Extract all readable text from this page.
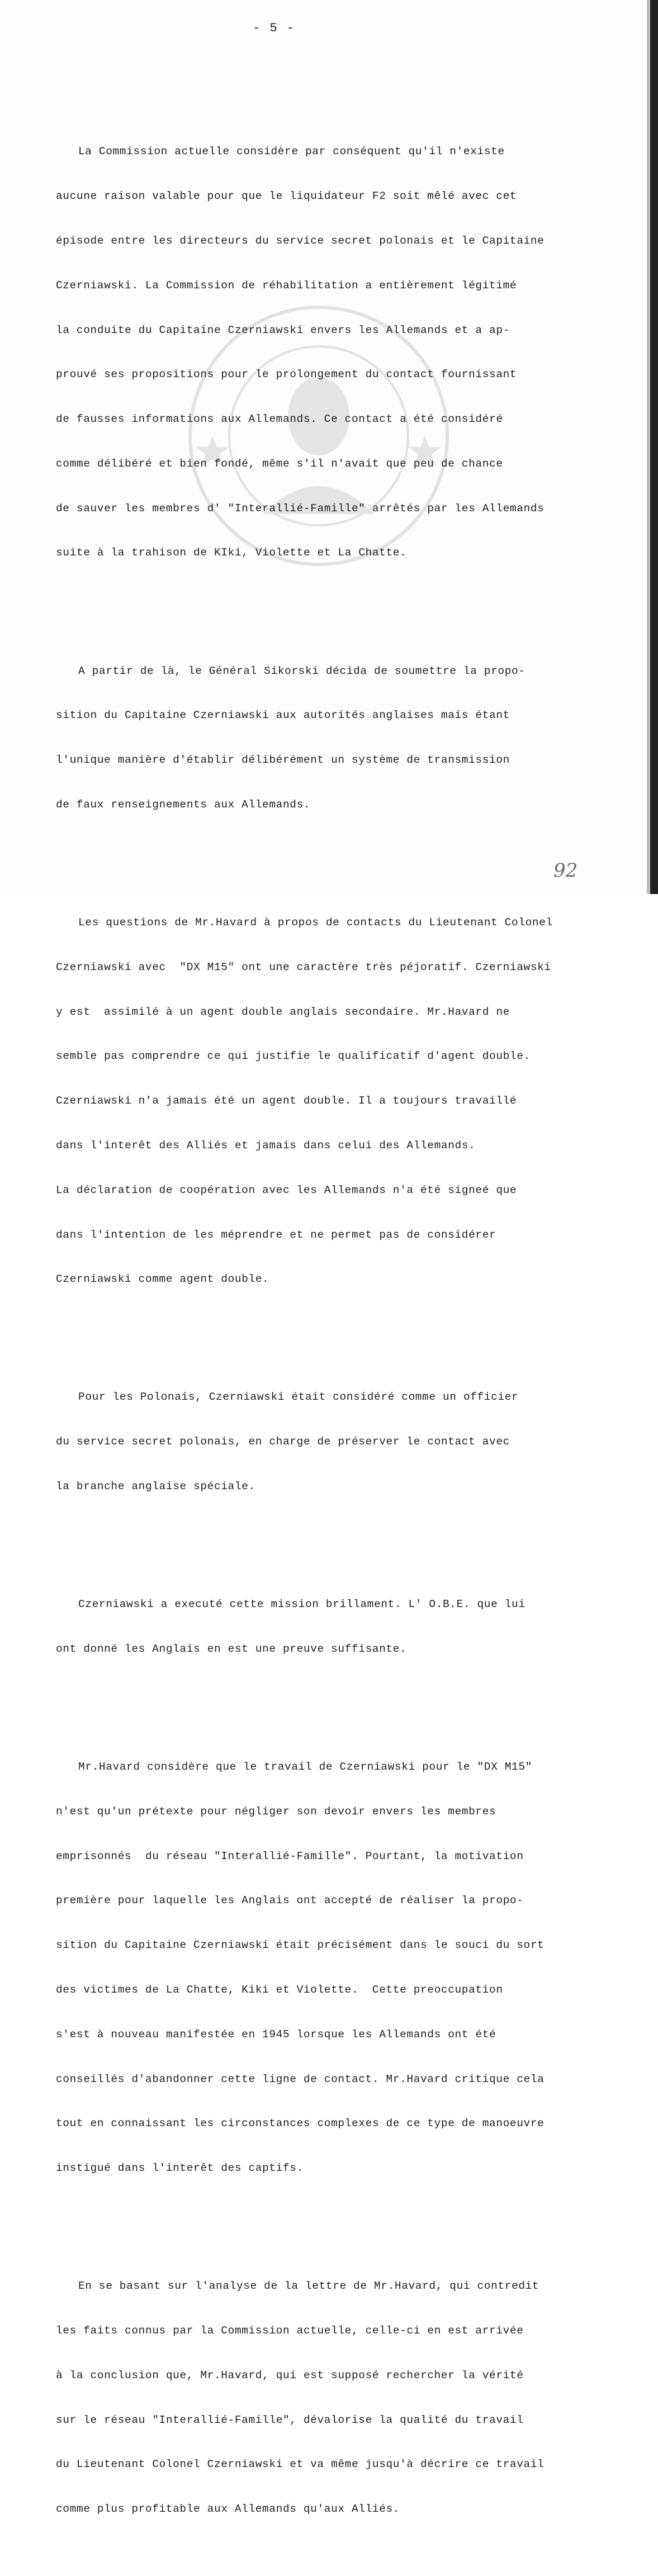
- 5 -

La Commission actuelle considère par conséquent qu'il n'existe

aucune raison valable pour que le liquidateur F2 soit mêlé avec cet

épisode entre les directeurs du service secret polonais et le Capitaine

Czerniawski. La Commission de réhabilitation a entièrement légitimé

la conduite du Capitaine Czerniawski envers les Allemands et a ap-

prouvé ses propositions pour le prolongement du contact fournissant

de fausses informations aux Allemands. Ce contact a été considéré

comme délibéré et bien fondé, même s'il n'avait que peu de chance

de sauver les membres d' "Interallié-Famille" arrêtés par les Allemands

suite à la trahison de KIki, Violette et La Chatte.

A partir de là, le Général Sikorski décida de soumettre la propo-

sition du Capitaine Czerniawski aux autorités anglaises mais étant

l'unique manière d'établir délibérément un système de transmission

de faux renseignements aux Allemands.

Les questions de Mr.Havard à propos de contacts du Lieutenant Colonel

Czerniawski avec  "DX M15" ont une caractère très péjoratif. Czerniawski

y est  assimilé à un agent double anglais secondaire. Mr.Havard ne

semble pas comprendre ce qui justifie le qualificatif d'agent double.

Czerniawski n'a jamais été un agent double. Il a toujours travaillé

dans l'interêt des Alliés et jamais dans celui des Allemands.

La déclaration de coopération avec les Allemands n'a été signeé que

dans l'intention de les méprendre et ne permet pas de considérer

Czerniawski comme agent double.

Pour les Polonais, Czerniawski était considéré comme un officier

du service secret polonais, en charge de préserver le contact avec

la branche anglaise spéciale.

Czerniawski a executé cette mission brillament. L' O.B.E. que lui

ont donné les Anglais en est une preuve suffisante.

Mr.Havard considère que le travail de Czerniawski pour le "DX M15"

n'est qu'un prétexte pour négliger son devoir envers les membres

emprisonnés  du réseau "Interallié-Famille". Pourtant, la motivation

première pour laquelle les Anglais ont accepté de réaliser la propo-

sition du Capitaine Czerniawski était précisément dans le souci du sort

des victimes de La Chatte, Kiki et Violette.  Cette preoccupation

s'est à nouveau manifestée en 1945 lorsque les Allemands ont été

conseillés d'abandonner cette ligne de contact. Mr.Havard critique cela

tout en connaissant les circonstances complexes de ce type de manoeuvre

instigué dans l'interêt des captifs.

En se basant sur l'analyse de la lettre de Mr.Havard, qui contredit

les faits connus par la Commission actuelle, celle-ci en est arrivée

à la conclusion que, Mr.Havard, qui est supposé rechercher la vérité

sur le réseau "Interallié-Famille", dévalorise la qualité du travail

du Lieutenant Colonel Czerniawski et va même jusqu'à décrire ce travail

comme plus profitable aux Allemands qu'aux Alliés.

92
